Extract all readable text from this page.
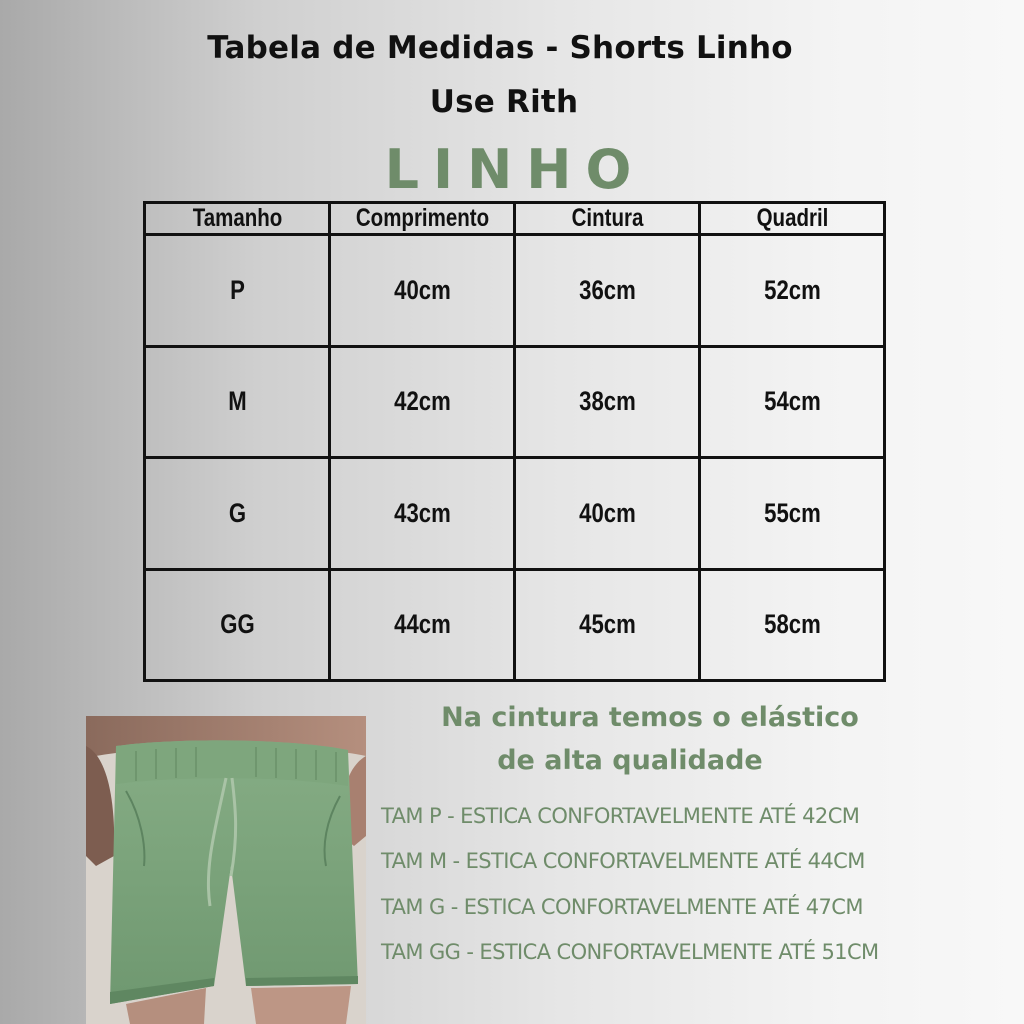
Tabela de Medidas - Shorts Linho
Use Rith
LINHO
Tamanho	Comprimento	Cintura	Quadril
P	40cm	36cm	52cm
M	42cm	38cm	54cm
G	43cm	40cm	55cm
GG	44cm	45cm	58cm
Na cintura temos o elástico
de alta qualidade
TAM P - ESTICA CONFORTAVELMENTE ATÉ 42CM
TAM M - ESTICA CONFORTAVELMENTE ATÉ 44CM
TAM G - ESTICA CONFORTAVELMENTE ATÉ 47CM
TAM GG - ESTICA CONFORTAVELMENTE ATÉ 51CM
